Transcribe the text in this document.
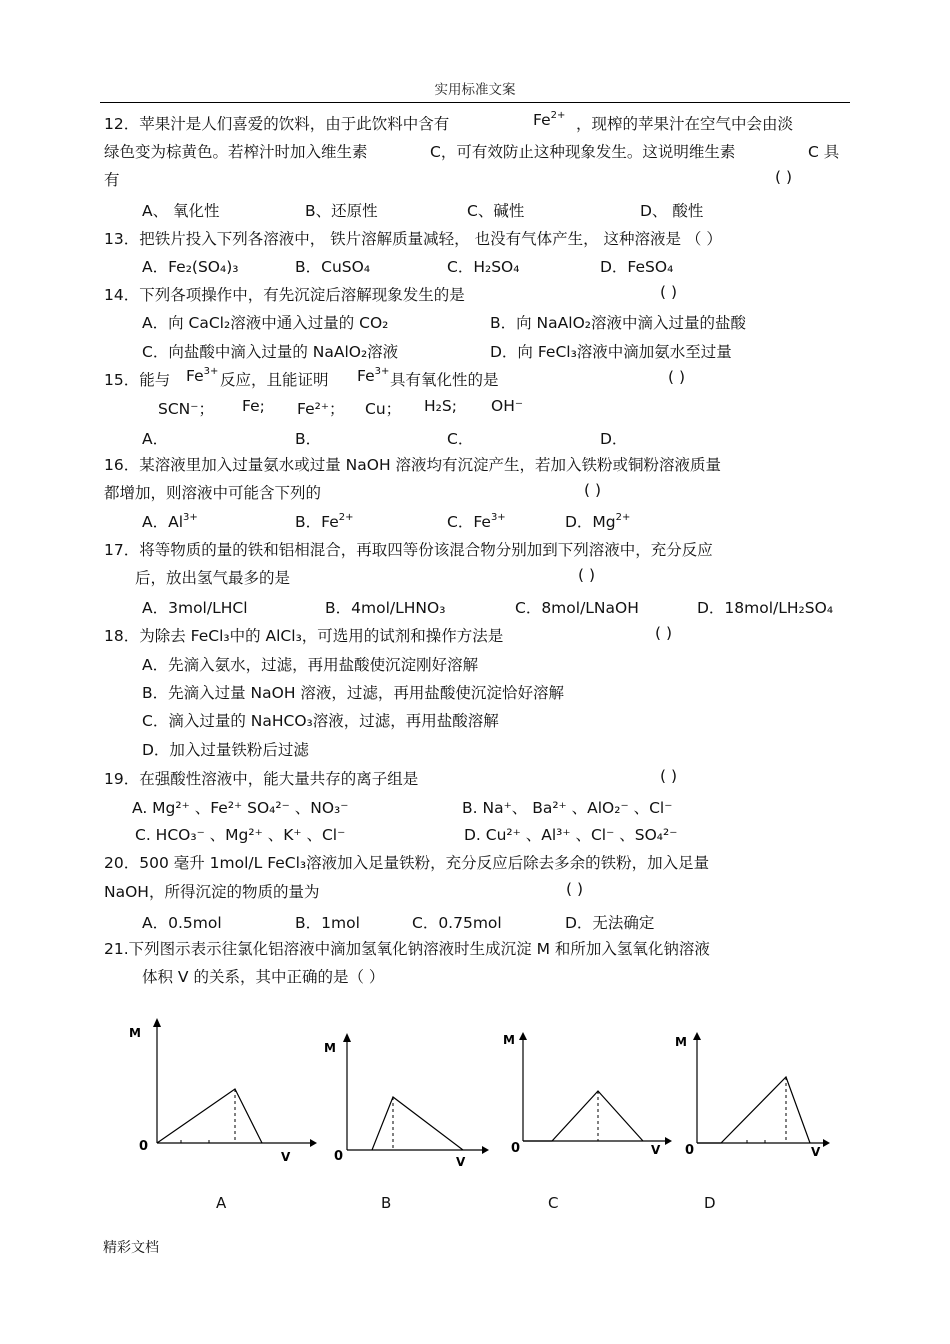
实用标准文案
12．苹果汁是人们喜爱的饮料，由于此饮料中含有	$Fe^{2+}$ ，现榨的苹果汁在空气中会由淡
绿色变为棕黄色。若榨汁时加入维生素	C，可有效防止这种现象发生。这说明维生素	C 具
有	( )
A、 氧化性	B、还原性	C、碱性	D、 酸性
13．把铁片投入下列各溶液中， 铁片溶解质量减轻， 也没有气体产生， 这种溶液是 （ ）
A．Fe₂(SO₄)₃	B．CuSO₄	C．H₂SO₄	D．FeSO₄
14．下列各项操作中，有先沉淀后溶解现象发生的是	( )
A．向 CaCl₂溶液中通入过量的 CO₂	B．向 NaAlO₂溶液中滴入过量的盐酸
C．向盐酸中滴入过量的 NaAlO₂溶液	D．向 FeCl₃溶液中滴加氨水至过量
15．能与 $Fe^{3+}$ 反应，且能证明 $Fe^{3+}$ 具有氧化性的是	( )
SCN⁻； Fe; Fe²⁺； Cu； H₂S; OH⁻
A．	B．	C．	D．
16．某溶液里加入过量氨水或过量 NaOH 溶液均有沉淀产生，若加入铁粉或铜粉溶液质量
都增加，则溶液中可能含下列的	( )
A．$Al^{3+}$	B．$Fe^{2+}$	C．$Fe^{3+}$	D．$Mg^{2+}$
17．将等物质的量的铁和铝相混合，再取四等份该混合物分别加到下列溶液中，充分反应
后，放出氢气最多的是	( )
A．3mol/LHCl	B．4mol/LHNO₃	C．8mol/LNaOH	D．18mol/LH₂SO₄
18．为除去 FeCl₃中的 AlCl₃，可选用的试剂和操作方法是	( )
A．先滴入氨水，过滤，再用盐酸使沉淀刚好溶解
B．先滴入过量 NaOH 溶液，过滤，再用盐酸使沉淀恰好溶解
C．滴入过量的 NaHCO₃溶液，过滤，再用盐酸溶解
D．加入过量铁粉后过滤
19．在强酸性溶液中，能大量共存的离子组是	( )
A. Mg²⁺ 、Fe²⁺ SO₄²⁻ 、NO₃⁻	B. Na⁺、 Ba²⁺ 、AlO₂⁻ 、Cl⁻
C. HCO₃⁻ 、Mg²⁺ 、K⁺ 、Cl⁻	D. Cu²⁺ 、Al³⁺ 、Cl⁻ 、SO₄²⁻
20．500 毫升 1mol/L FeCl₃溶液加入足量铁粉，充分反应后除去多余的铁粉，加入足量
NaOH，所得沉淀的物质的量为	( )
A．0.5mol	B．1mol	C．0.75mol	D．无法确定
21.下列图示表示往氯化铝溶液中滴加氢氧化钠溶液时生成沉淀 M 和所加入氢氧化钠溶液
体积 V 的关系，其中正确的是（ ）
M
0
V
M
0	V
M
0	V
M
0	V
A	B	C	D
精彩文档
